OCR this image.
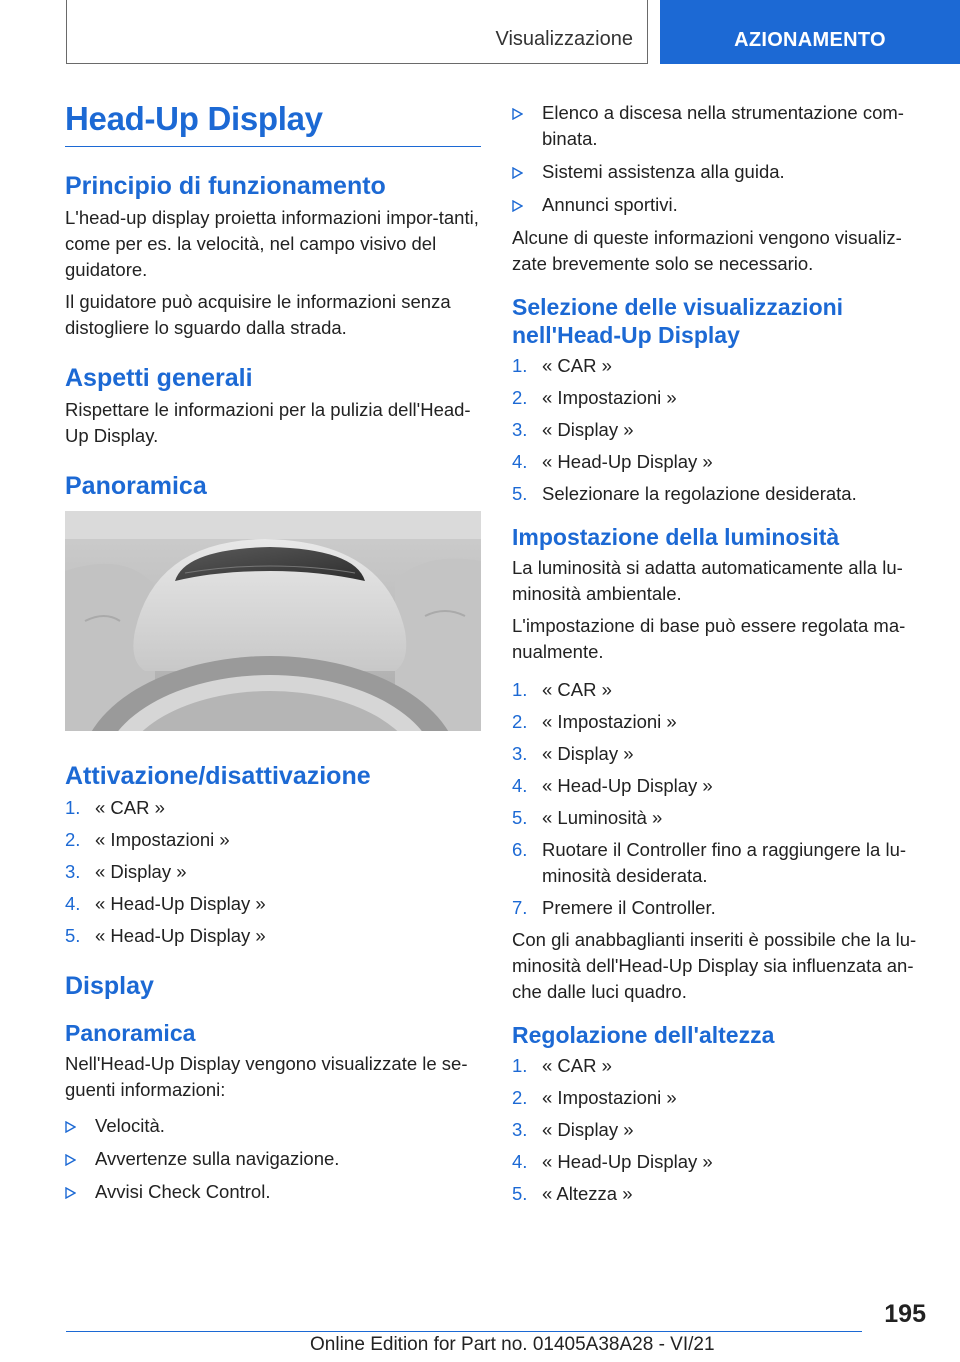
Visualizzazione	AZIONAMENTO
Head-Up Display
Principio di funzionamento

L'head-up display proietta informazioni impor-tanti, come per es. la velocità, nel campo visivo del guidatore.

Il guidatore può acquisire le informazioni senza distogliere lo sguardo dalla strada.

Aspetti generali

Rispettare le informazioni per la pulizia dell'Head-Up Display.

Panoramica
Attivazione/disattivazione
1. « CAR »
2. « Impostazioni »
3. « Display »
4. « Head-Up Display »
5. « Head-Up Display »
Display
Panoramica

Nell'Head-Up Display vengono visualizzate le se-guenti informazioni:

Velocità.
Avvertenze sulla navigazione.
Avvisi Check Control.
Elenco a discesa nella strumentazione com-binata.
Sistemi assistenza alla guida.
Annunci sportivi.

Alcune di queste informazioni vengono visualiz-zate brevemente solo se necessario.

Selezione delle visualizzazioni nell'Head-Up Display
1. « CAR »
2. « Impostazioni »
3. « Display »
4. « Head-Up Display »
5. Selezionare la regolazione desiderata.
Impostazione della luminosità

La luminosità si adatta automaticamente alla lu-minosità ambientale.

L'impostazione di base può essere regolata ma-nualmente.

1. « CAR »
2. « Impostazioni »
3. « Display »
4. « Head-Up Display »
5. « Luminosità »
6. Ruotare il Controller fino a raggiungere la lu-minosità desiderata.
7. Premere il Controller.

Con gli anabbaglianti inseriti è possibile che la lu-minosità dell'Head-Up Display sia influenzata an-che dalle luci quadro.

Regolazione dell'altezza
1. « CAR »
2. « Impostazioni »
3. « Display »
4. « Head-Up Display »
5. « Altezza »
195
Online Edition for Part no. 01405A38A28 - VI/21
